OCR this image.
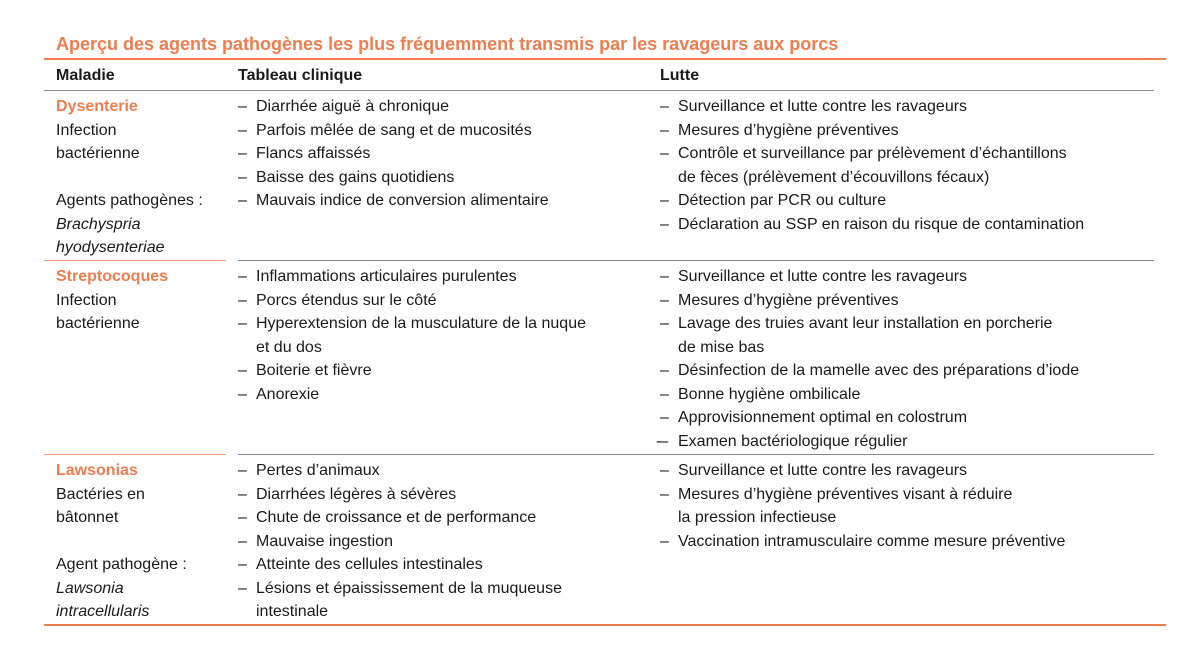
Aperçu des agents pathogènes les plus fréquemment transmis par les ravageurs aux porcs
Maladie	Tableau clinique	Lutte
Dysenterie
Infection
bactérienne
Agents pathogènes :
Brachyspria
hyodysenteriae
– Diarrhée aiguë à chronique
– Parfois mêlée de sang et de mucosités
– Flancs affaissés
– Baisse des gains quotidiens
– Mauvais indice de conversion alimentaire
– Surveillance et lutte contre les ravageurs
– Mesures d’hygiène préventives
– Contrôle et surveillance par prélèvement d’échantillons
de fèces (prélèvement d’écouvillons fécaux)
– Détection par PCR ou culture
– Déclaration au SSP en raison du risque de contamination
Streptocoques
Infection
bactérienne
– Inflammations articulaires purulentes
– Porcs étendus sur le côté
– Hyperextension de la musculature de la nuque
et du dos
– Boiterie et fièvre
– Anorexie
– Surveillance et lutte contre les ravageurs
– Mesures d’hygiène préventives
– Lavage des truies avant leur installation en porcherie
de mise bas
– Désinfection de la mamelle avec des préparations d’iode
– Bonne hygiène ombilicale
– Approvisionnement optimal en colostrum
-– Examen bactériologique régulier
Lawsonias
Bactéries en
bâtonnet
Agent pathogène :
Lawsonia
intracellularis
– Pertes d’animaux
– Diarrhées légères à sévères
– Chute de croissance et de performance
– Mauvaise ingestion
– Atteinte des cellules intestinales
– Lésions et épaississement de la muqueuse
intestinale
– Surveillance et lutte contre les ravageurs
– Mesures d’hygiène préventives visant à réduire
la pression infectieuse
– Vaccination intramusculaire comme mesure préventive
